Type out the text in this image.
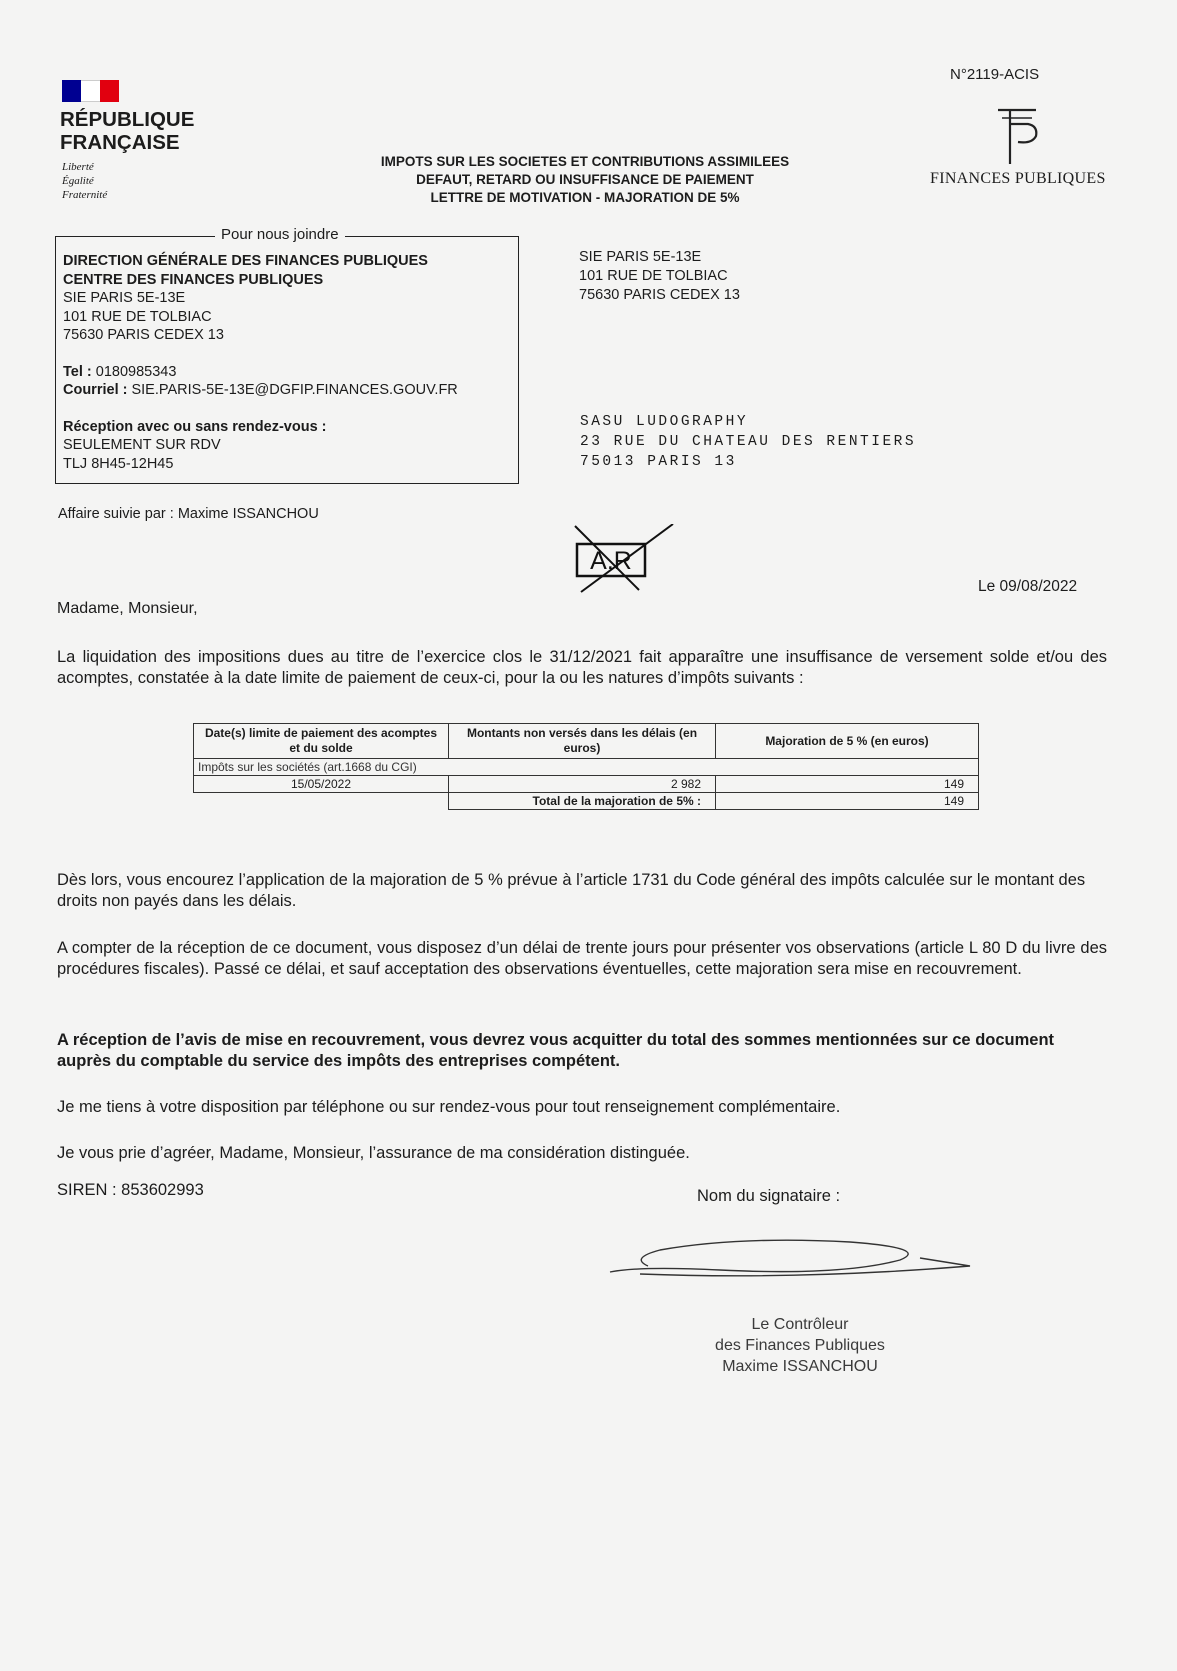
RÉPUBLIQUE
FRANÇAISE
Liberté
Égalité
Fraternité
N°2119-ACIS
FINANCES PUBLIQUES
IMPOTS SUR LES SOCIETES ET CONTRIBUTIONS ASSIMILEES
DEFAUT, RETARD OU INSUFFISANCE DE PAIEMENT
LETTRE DE MOTIVATION - MAJORATION DE 5%
Pour nous joindre
DIRECTION GÉNÉRALE DES FINANCES PUBLIQUES
CENTRE DES FINANCES PUBLIQUES
SIE PARIS 5E-13E
101 RUE DE TOLBIAC
75630 PARIS CEDEX 13
Tel : 0180985343
Courriel : SIE.PARIS-5E-13E@DGFIP.FINANCES.GOUV.FR
Réception avec ou sans rendez-vous :
SEULEMENT SUR RDV
TLJ 8H45-12H45
SIE PARIS 5E-13E
101 RUE DE TOLBIAC
75630 PARIS CEDEX 13
SASU LUDOGRAPHY
23 RUE DU CHATEAU DES RENTIERS
75013 PARIS 13
Affaire suivie par : Maxime ISSANCHOU
A.R
Le 09/08/2022
Madame, Monsieur,
La liquidation des impositions dues au titre de l’exercice clos le 31/12/2021 fait apparaître une insuffisance de versement solde et/ou des acomptes, constatée à la date limite de paiement de ceux-ci, pour la ou les natures d’impôts suivants :
Date(s) limite de paiement des acomptes et du solde	Montants non versés dans les délais (en euros)	Majoration de 5 % (en euros)
Impôts sur les sociétés (art.1668 du CGI)		
15/05/2022	2 982	149
	Total de la majoration de 5% :	149
Dès lors, vous encourez l’application de la majoration de 5 % prévue à l’article 1731 du Code général des impôts calculée sur le montant des droits non payés dans les délais.
A compter de la réception de ce document, vous disposez d’un délai de trente jours pour présenter vos observations (article L 80 D du livre des procédures fiscales). Passé ce délai, et sauf acceptation des observations éventuelles, cette majoration sera mise en recouvrement.
A réception de l’avis de mise en recouvrement, vous devrez vous acquitter du total des sommes mentionnées sur ce document auprès du comptable du service des impôts des entreprises compétent.
Je me tiens à votre disposition par téléphone ou sur rendez-vous pour tout renseignement complémentaire.
Je vous prie d’agréer, Madame, Monsieur, l’assurance de ma considération distinguée.
SIREN : 853602993	Nom du signataire :
Le Contrôleur
des Finances Publiques
Maxime ISSANCHOU
